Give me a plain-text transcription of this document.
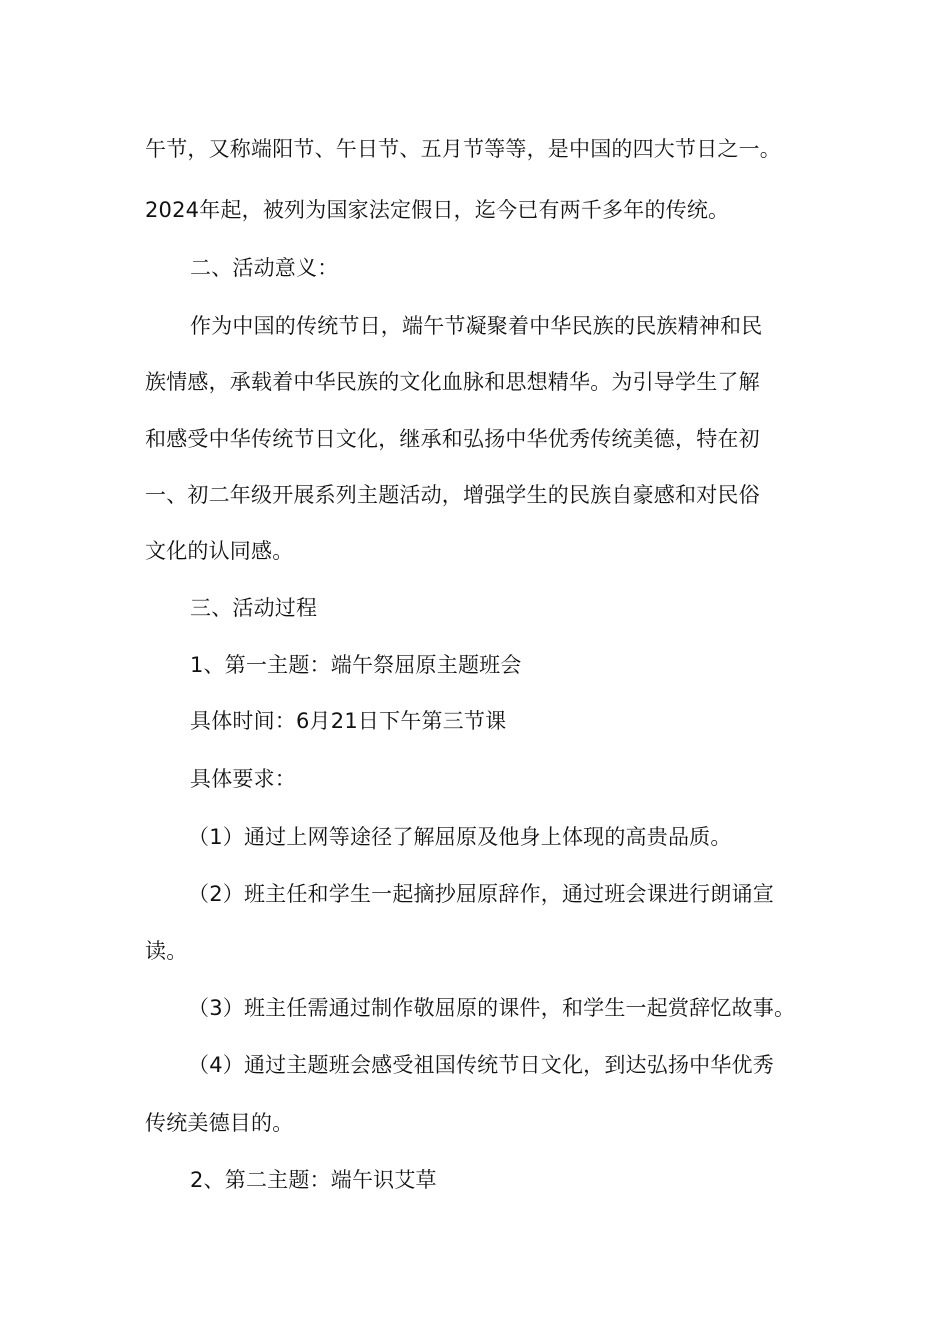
午节，又称端阳节、午日节、五月节等等，是中国的四大节日之一。
2024年起，被列为国家法定假日，迄今已有两千多年的传统。
二、活动意义：
作为中国的传统节日，端午节凝聚着中华民族的民族精神和民
族情感，承载着中华民族的文化血脉和思想精华。为引导学生了解
和感受中华传统节日文化，继承和弘扬中华优秀传统美德，特在初
一、初二年级开展系列主题活动，增强学生的民族自豪感和对民俗
文化的认同感。
三、活动过程
1、第一主题：端午祭屈原主题班会
具体时间：6月21日下午第三节课
具体要求：
（1）通过上网等途径了解屈原及他身上体现的高贵品质。
（2）班主任和学生一起摘抄屈原辞作，通过班会课进行朗诵宣
读。
（3）班主任需通过制作敬屈原的课件，和学生一起赏辞忆故事。
（4）通过主题班会感受祖国传统节日文化，到达弘扬中华优秀
传统美德目的。
2、第二主题：端午识艾草
